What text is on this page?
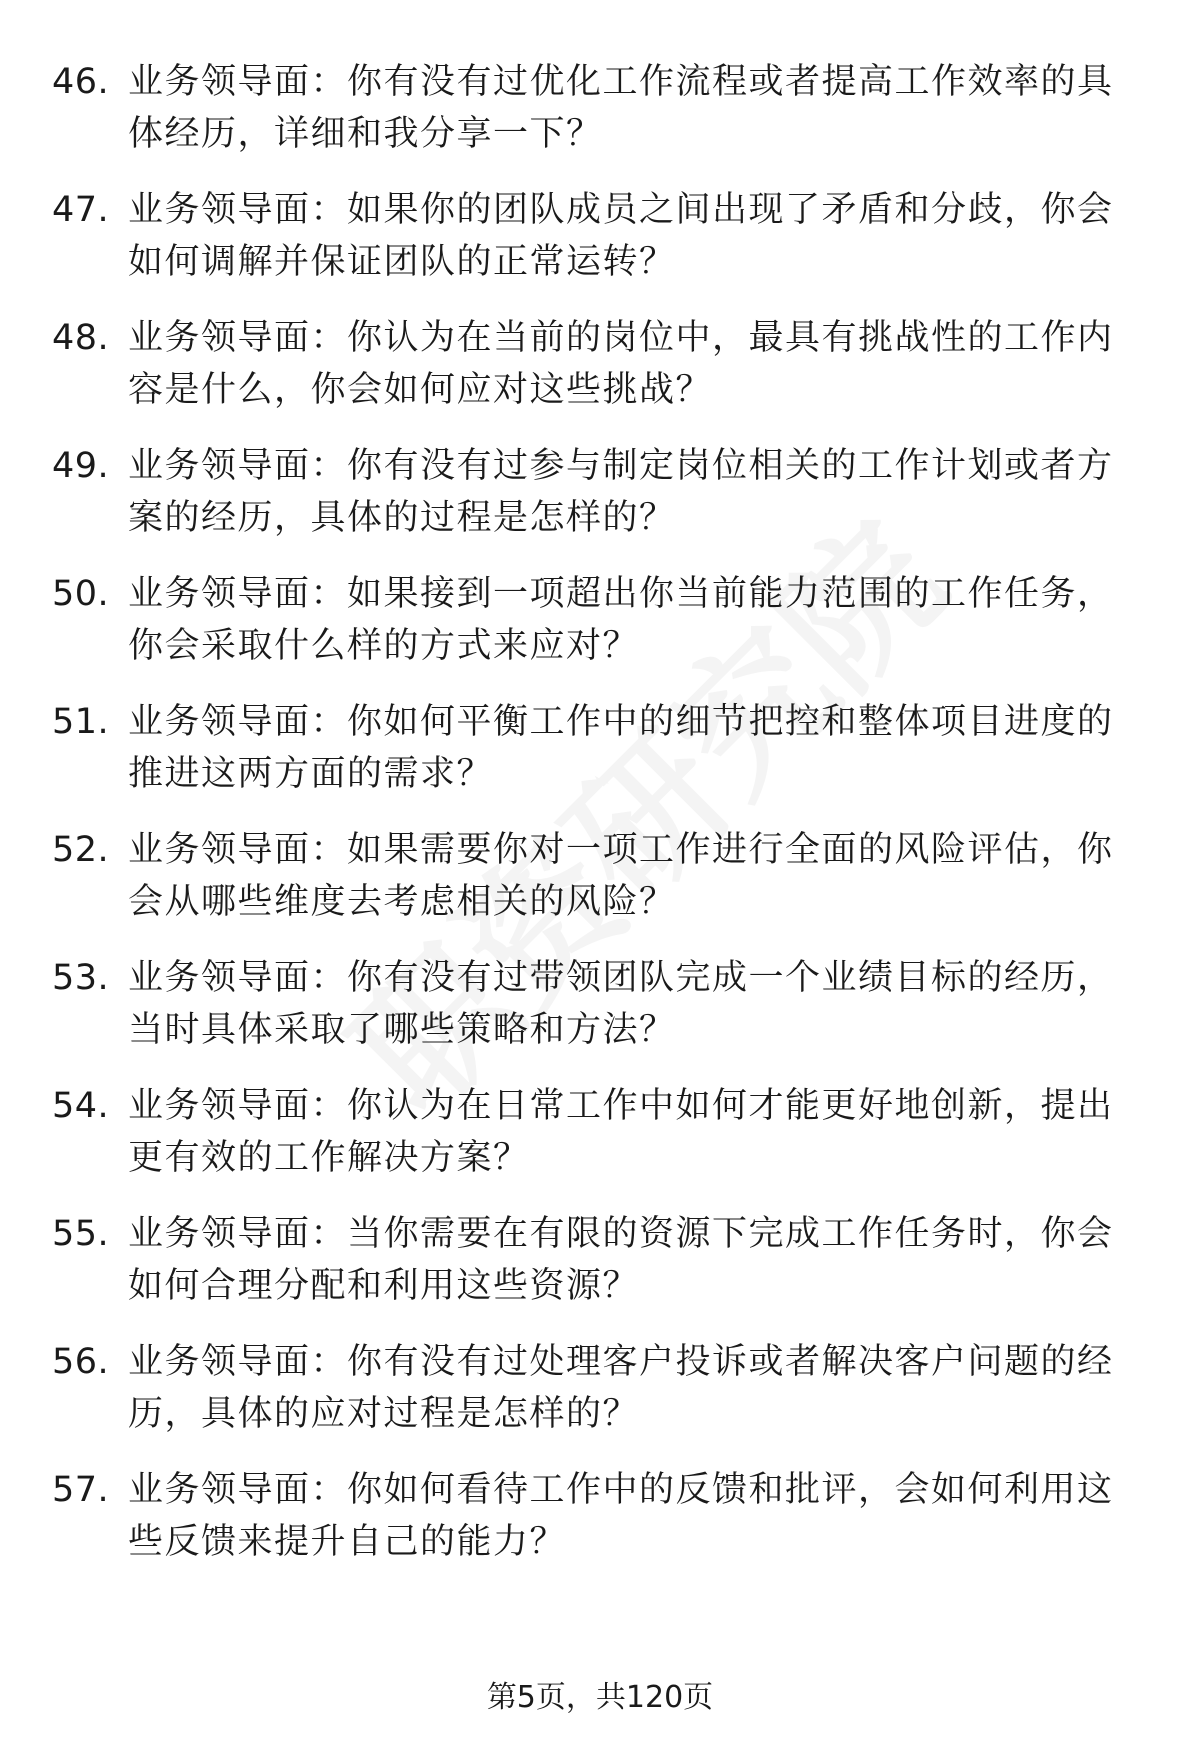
46. 业务领导面：你有没有过优化工作流程或者提高工作效率的具体经历，详细和我分享一下？
47. 业务领导面：如果你的团队成员之间出现了矛盾和分歧，你会如何调解并保证团队的正常运转？
48. 业务领导面：你认为在当前的岗位中，最具有挑战性的工作内容是什么，你会如何应对这些挑战？
49. 业务领导面：你有没有过参与制定岗位相关的工作计划或者方案的经历，具体的过程是怎样的？
50. 业务领导面：如果接到一项超出你当前能力范围的工作任务，你会采取什么样的方式来应对？
51. 业务领导面：你如何平衡工作中的细节把控和整体项目进度的推进这两方面的需求？
52. 业务领导面：如果需要你对一项工作进行全面的风险评估，你会从哪些维度去考虑相关的风险？
53. 业务领导面：你有没有过带领团队完成一个业绩目标的经历，当时具体采取了哪些策略和方法？
54. 业务领导面：你认为在日常工作中如何才能更好地创新，提出更有效的工作解决方案？
55. 业务领导面：当你需要在有限的资源下完成工作任务时，你会如何合理分配和利用这些资源？
56. 业务领导面：你有没有过处理客户投诉或者解决客户问题的经历，具体的应对过程是怎样的？
57. 业务领导面：你如何看待工作中的反馈和批评，会如何利用这些反馈来提升自己的能力？
第5页，共120页
